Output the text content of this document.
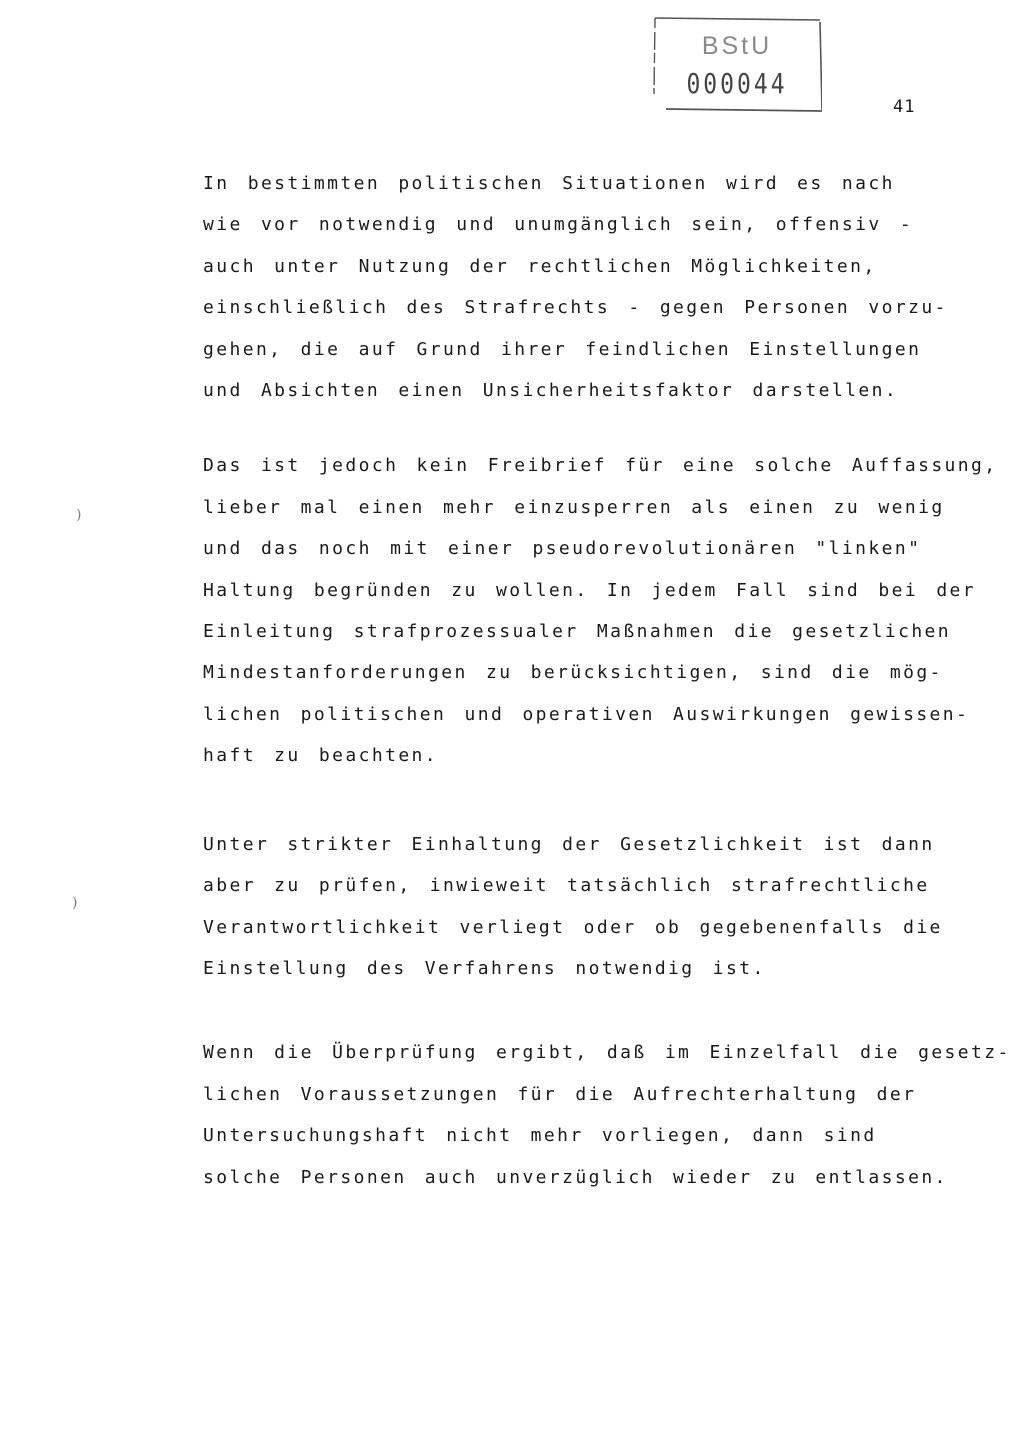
BStU
000044
41

In bestimmten politischen Situationen wird es nach
wie vor notwendig und unumgänglich sein, offensiv -
auch unter Nutzung der rechtlichen Möglichkeiten,
einschließlich des Strafrechts - gegen Personen vorzu-
gehen, die auf Grund ihrer feindlichen Einstellungen
und Absichten einen Unsicherheitsfaktor darstellen.

Das ist jedoch kein Freibrief für eine solche Auffassung,
lieber mal einen mehr einzusperren als einen zu wenig
und das noch mit einer pseudorevolutionären "linken"
Haltung begründen zu wollen. In jedem Fall sind bei der
Einleitung strafprozessualer Maßnahmen die gesetzlichen
Mindestanforderungen zu berücksichtigen, sind die mög-
lichen politischen und operativen Auswirkungen gewissen-
haft zu beachten.

Unter strikter Einhaltung der Gesetzlichkeit ist dann
aber zu prüfen, inwieweit tatsächlich strafrechtliche
Verantwortlichkeit verliegt oder ob gegebenenfalls die
Einstellung des Verfahrens notwendig ist.

Wenn die Überprüfung ergibt, daß im Einzelfall die gesetz-
lichen Voraussetzungen für die Aufrechterhaltung der
Untersuchungshaft nicht mehr vorliegen, dann sind
solche Personen auch unverzüglich wieder zu entlassen.

)
)
